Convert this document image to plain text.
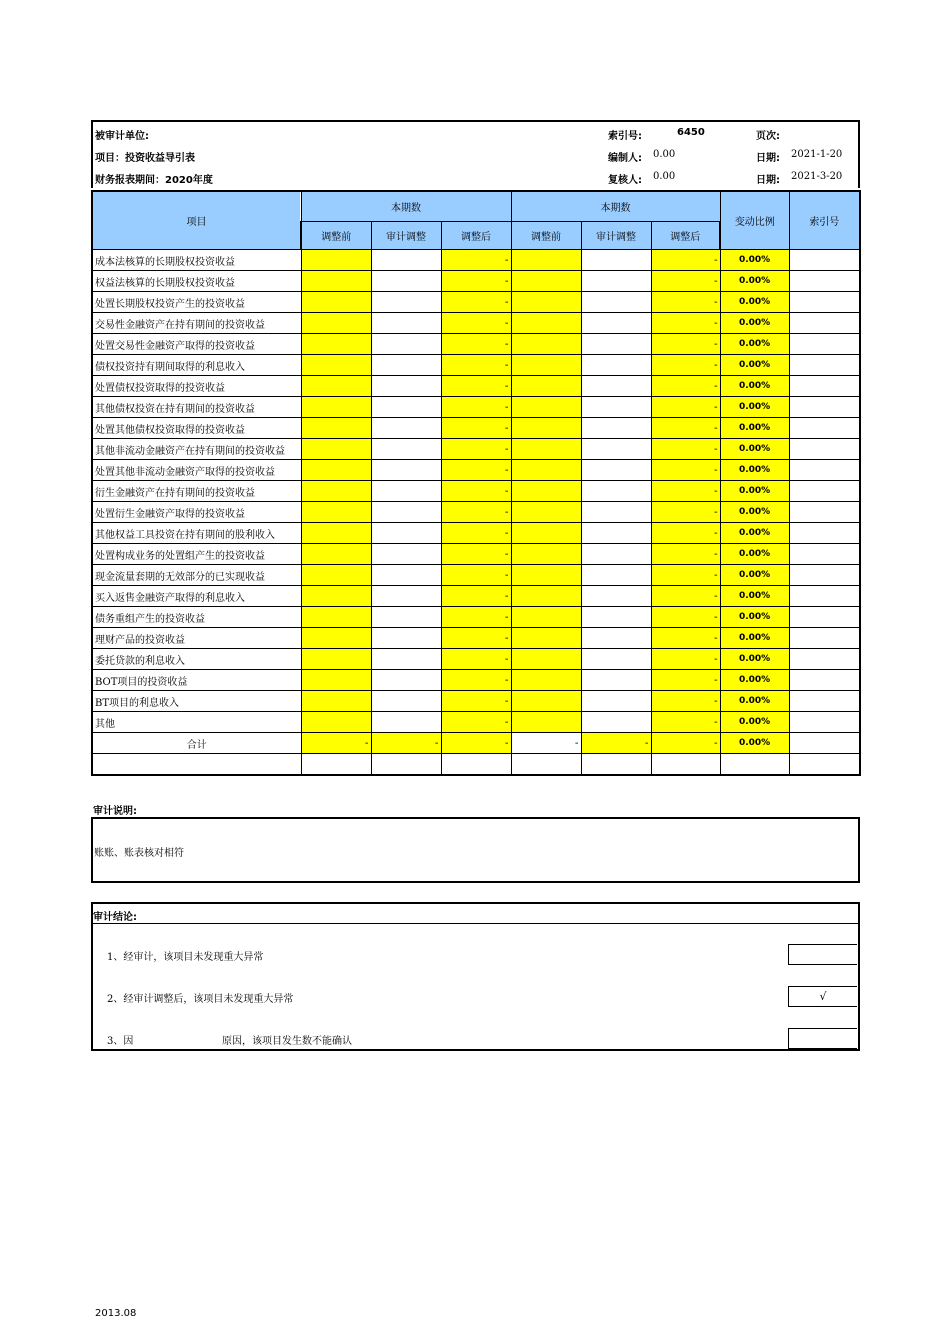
被审计单位:
项目：投资收益导引表
财务报表期间：2020年度
索引号:	6450
编制人: 0.00
复核人: 0.00
页次:
日期: 2021-1-20
日期: 2021-3-20
项目	本期数			本期数			变动比例	索引号
	调整前	审计调整	调整后	调整前	审计调整	调整后		
成本法核算的长期股权投资收益			-			-	0.00%	
权益法核算的长期股权投资收益			-			-	0.00%	
处置长期股权投资产生的投资收益			-			-	0.00%	
交易性金融资产在持有期间的投资收益			-			-	0.00%	
处置交易性金融资产取得的投资收益			-			-	0.00%	
债权投资持有期间取得的利息收入			-			-	0.00%	
处置债权投资取得的投资收益			-			-	0.00%	
其他债权投资在持有期间的投资收益			-			-	0.00%	
处置其他债权投资取得的投资收益			-			-	0.00%	
其他非流动金融资产在持有期间的投资收益			-			-	0.00%	
处置其他非流动金融资产取得的投资收益			-			-	0.00%	
衍生金融资产在持有期间的投资收益			-			-	0.00%	
处置衍生金融资产取得的投资收益			-			-	0.00%	
其他权益工具投资在持有期间的股利收入			-			-	0.00%	
处置构成业务的处置组产生的投资收益			-			-	0.00%	
现金流量套期的无效部分的已实现收益			-			-	0.00%	
买入返售金融资产取得的利息收入			-			-	0.00%	
债务重组产生的投资收益			-			-	0.00%	
理财产品的投资收益			-			-	0.00%	
委托贷款的利息收入			-			-	0.00%	
BOT项目的投资收益			-			-	0.00%	
BT项目的利息收入			-			-	0.00%	
其他			-			-	0.00%	
合计	-	-	-	-	-	-	0.00%	

审计说明:
账账、账表核对相符
审计结论:
1、经审计，该项目未发现重大异常
2、经审计调整后，该项目未发现重大异常	√
3、因	原因，该项目发生数不能确认
2013.08
